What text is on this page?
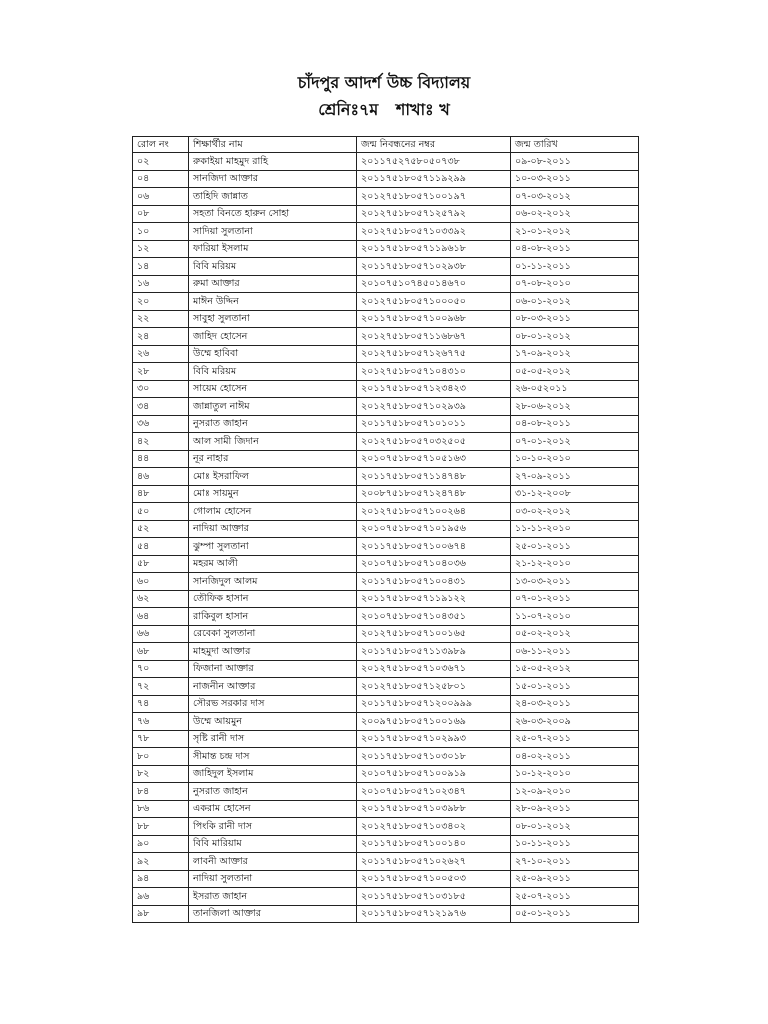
চাঁদপুর আদর্শ উচ্চ বিদ্যালয়
শ্রেনিঃ৭ম শাখাঃ খ
রোল নং	শিক্ষার্থীর নাম	জন্ম নিবন্ধনের নম্বর	জন্ম তারিখ
০২	রুকাইয়া মাহমুদ রাহি	২০১১৭৫২৭৫৮০৫০৭৩৮	০৯-০৮-২০১১
০৪	সানজিদা আক্তার	২০১১৭৫১৮০৫৭১১৯২৯৯	১০-০৩-২০১১
০৬	তাহিদি জান্নাত	২০১২৭৫১৮০৫৭১০০১৯৭	০৭-০৩-২০১২
০৮	সহতা বিনতে হারুন সোহা	২০১২৭৫১৮০৫৭১২৫৭৯২	০৬-০২-২০১২
১০	সাদিয়া সুলতানা	২০১২৭৫১৮০৫৭১০৩৩৯২	২১-০১-২০১২
১২	ফারিয়া ইসলাম	২০১১৭৫১৮০৫৭১১৯৬১৮	০৪-০৮-২০১১
১৪	বিবি মরিয়ম	২০১১৭৫১৮০৫৭১০২৯৩৮	০১-১১-২০১১
১৬	রুমা আক্তার	২০১০৭৫১০৭৪৫০১৪৬৭০	০৭-০৮-২০১০
২০	মাঈন উদ্দিন	২০১২৭৫১৮০৫৭১০০০৫০	০৬-০১-২০১২
২২	সাবুহা সুলতানা	২০১১৭৫১৮০৫৭১০০৯৬৮	০৮-০৩-২০১১
২৪	জাহিদ হোসেন	২০১২৭৫১৮০৫৭১১৬৮৬৭	০৮-০১-২০১২
২৬	উম্মে হাবিবা	২০১২৭৫১৮০৫৭১২৬৭৭৫	১৭-০৯-২০১২
২৮	বিবি মরিয়ম	২০১২৭৫১৮০৫৭১০৪৩১০	০৫-০৫-২০১২
৩০	সায়েম হোসেন	২০১১৭৫১৮০৫৭১২৩৪২৩	২৬-০৫২০১১
৩৪	জান্নাতুল নাঈম	২০১২৭৫১৮০৫৭১০২৯৩৯	২৮-০৬-২০১২
৩৬	নুসরাত জাহান	২০১১৭৫১৮০৫৭১০১০১১	০৪-০৮-২০১১
৪২	আল সামী জিদান	২০১২৭৫১৮০৫৭০৩২৫০৫	০৭-০১-২০১২
৪৪	নূর নাহার	২০১০৭৫১৮০৫৭১০৫১৬৩	১০-১০-২০১০
৪৬	মোঃ ইসরাফিল	২০১১৭৫১৮০৫৭১১৪৭৪৮	২৭-০৯-২০১১
৪৮	মোঃ সায়মুন	২০০৮৭৫১৮০৫৭১২৪৭৪৮	৩১-১২-২০০৮
৫০	গোলাম হোসেন	২০১২৭৫১৮০৫৭১০০২৬৪	০৩-০২-২০১২
৫২	নাদিয়া আক্তার	২০১০৭৫১৮০৫৭১০১৯৫৬	১১-১১-২০১০
৫৪	ঝুম্পা সুলতানা	২০১১৭৫১৮০৫৭১০০৬৭৪	২৫-০১-২০১১
৫৮	মহরম আলী	২০১০৭৫১৮০৫৭১০৪০৩৬	২১-১২-২০১০
৬০	সানজিদুল আলম	২০১১৭৫১৮০৫৭১০০৪৩১	১৩-০৩-২০১১
৬২	তৌফিক হাসান	২০১১৭৫১৮০৫৭১১৯১২২	০৭-০১-২০১১
৬৪	রাকিবুল হাসান	২০১০৭৫১৮০৫৭১০৪৩৫১	১১-০৭-২০১০
৬৬	রেবেকা সুলতানা	২০১২৭৫১৮০৫৭১০০১৬৫	০৫-০২-২০১২
৬৮	মাহমুদা আক্তার	২০১১৭৫১৮০৫৭১১৩৯৮৯	০৬-১১-২০১১
৭০	ফিজানা আক্তার	২০১২৭৫১৮০৫৭১০৩৬৭১	১৫-০৫-২০১২
৭২	নাজনীন আক্তার	২০১২৭৫১৮০৫৭১২৫৮০১	১৫-০১-২০১১
৭৪	সৌরভ সরকার দাস	২০১১৭৫১৮০৫৭১২০০৯৯৯	২৪-০৩-২০১১
৭৬	উম্মে আয়মুন	২০০৯৭৫১৮০৫৭১০০১৬৯	২৬-০৩-২০০৯
৭৮	সৃষ্টি রানী দাস	২০১১৭৫১৮০৫৭১০২৯৯৩	২৫-০৭-২০১১
৮০	সীমান্ত চন্দ্র দাস	২০১১৭৫১৮০৫৭১০৩০১৮	০৪-০২-২০১১
৮২	জাহিদুল ইসলাম	২০১০৭৫১৮০৫৭১০০৯১৯	১০-১২-২০১০
৮৪	নুসরাত জাহান	২০১০৭৫১৮০৫৭১০২৩৪৭	১২-০৯-২০১০
৮৬	একরাম হোসেন	২০১১৭৫১৮০৫৭১০৩৯৮৮	২৮-০৯-২০১১
৮৮	পিংকি রানী দাস	২০১২৭৫১৮০৫৭১০৩৪০২	০৮-০১-২০১২
৯০	বিবি মারিয়াম	২০১১৭৫১৮০৫৭১০০১৪০	১০-১১-২০১১
৯২	লাবনী আক্তার	২০১১৭৫১৮০৫৭১০২৬২৭	২৭-১০-২০১১
৯৪	নাদিয়া সুলতানা	২০১১৭৫১৮০৫৭১০০৫০৩	২৫-০৯-২০১১
৯৬	ইসরাত জাহান	২০১১৭৫১৮০৫৭১০৩১৮৫	২৫-০৭-২০১১
৯৮	তানজিলা আক্তার	২০১১৭৫১৮০৫৭১২১৯৭৬	০৫-০১-২০১১
